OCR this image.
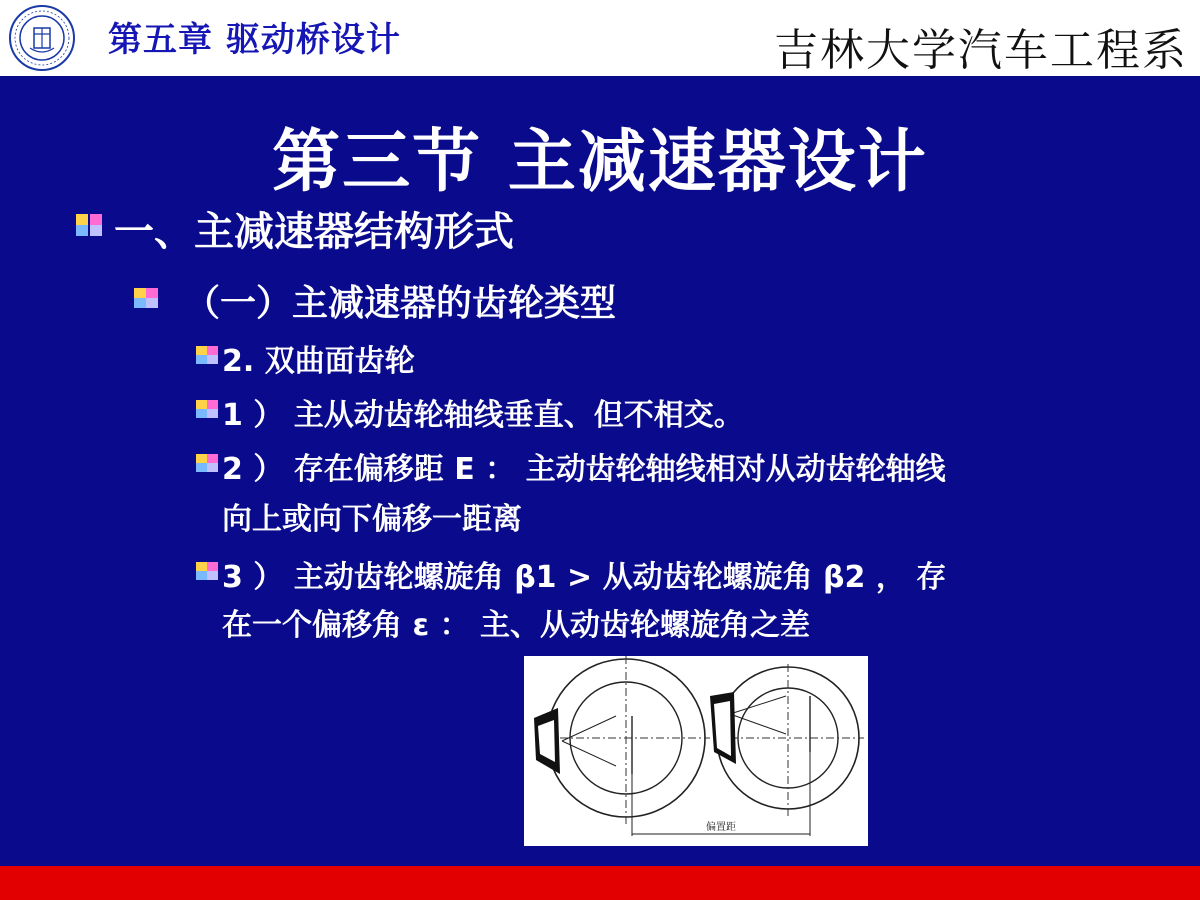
第五章 驱动桥设计	吉林大学汽车工程系
第三节 主减速器设计
一、主减速器结构形式
（一）主减速器的齿轮类型
2. 双曲面齿轮
1 ） 主从动齿轮轴线垂直、但不相交。
2 ） 存在偏移距 E ： 主动齿轮轴线相对从动齿轮轴线
向上或向下偏移一距离
3 ） 主动齿轮螺旋角 β1 > 从动齿轮螺旋角 β2 ， 存
在一个偏移角 ε ： 主、从动齿轮螺旋角之差
偏置距
